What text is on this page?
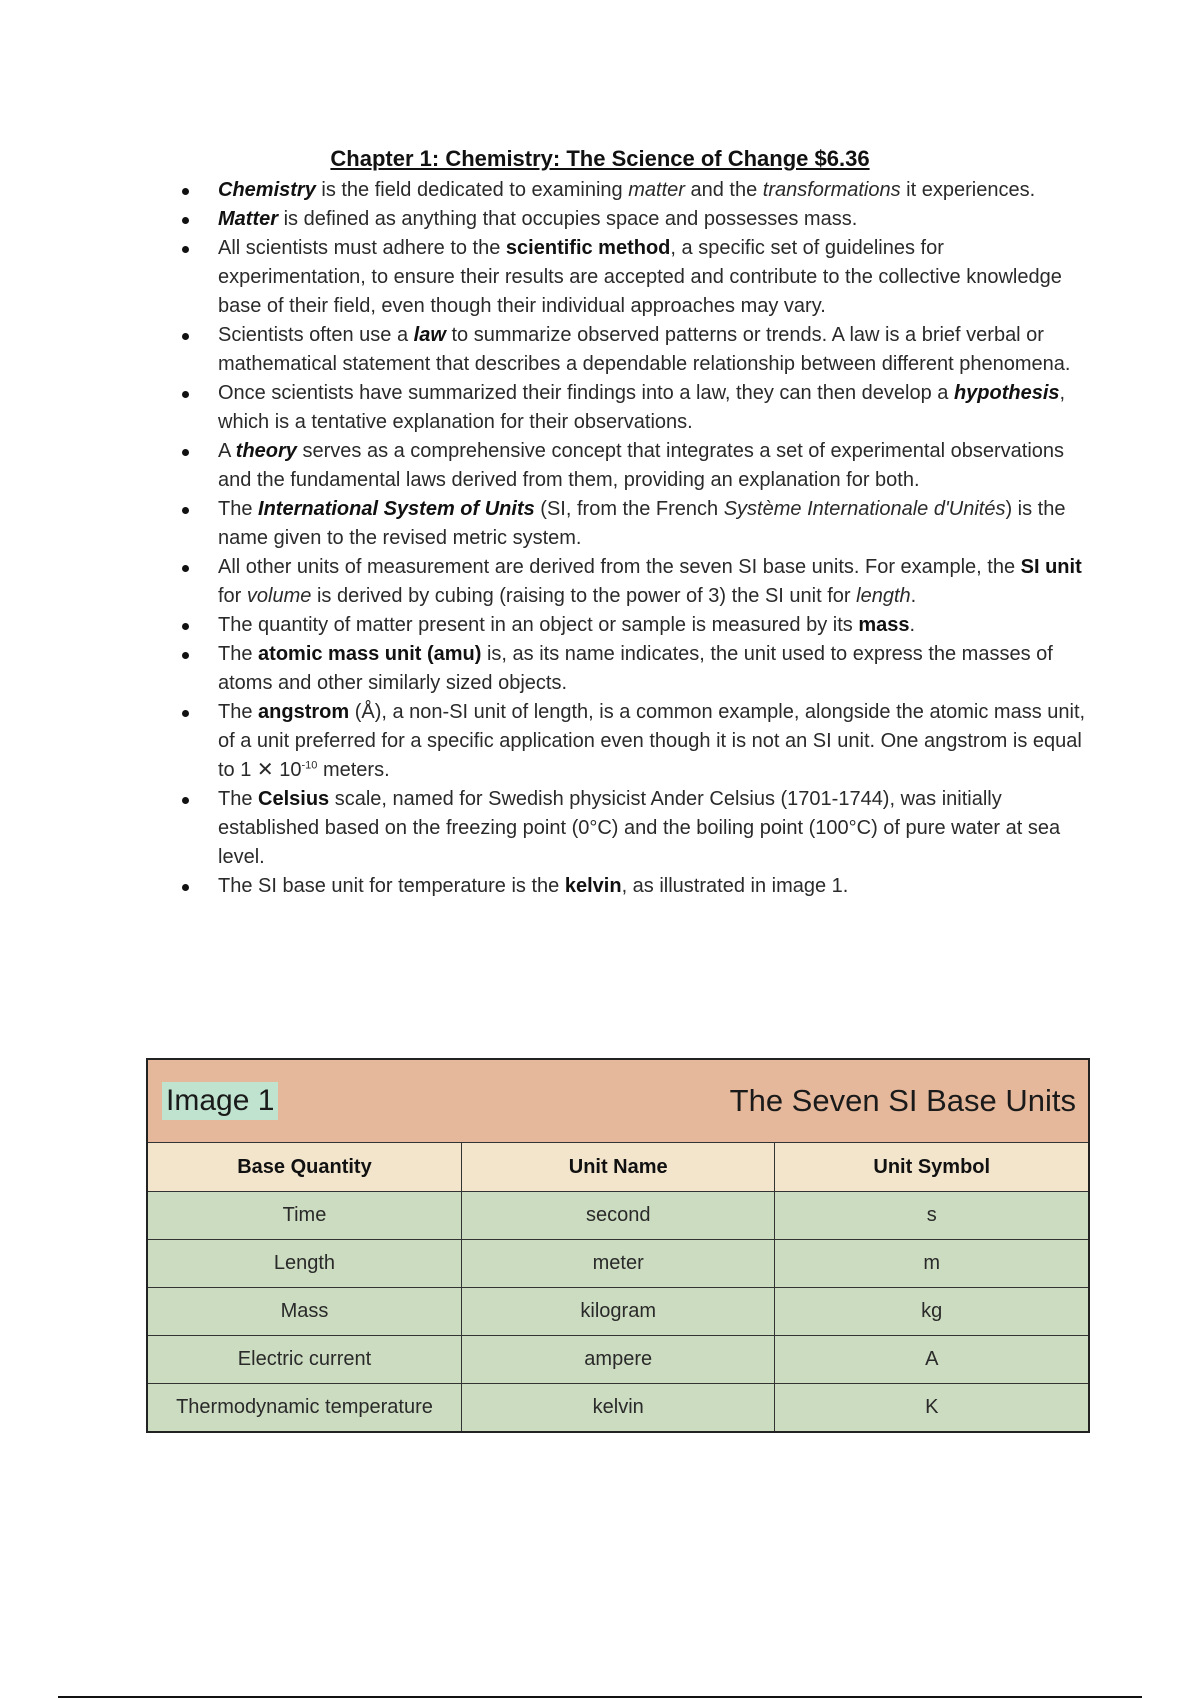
Chapter 1: Chemistry: The Science of Change $6.36
Chemistry is the field dedicated to examining matter and the transformations it experiences.
Matter is defined as anything that occupies space and possesses mass.
All scientists must adhere to the scientific method, a specific set of guidelines for experimentation, to ensure their results are accepted and contribute to the collective knowledge base of their field, even though their individual approaches may vary.
Scientists often use a law to summarize observed patterns or trends. A law is a brief verbal or mathematical statement that describes a dependable relationship between different phenomena.
Once scientists have summarized their findings into a law, they can then develop a hypothesis, which is a tentative explanation for their observations.
A theory serves as a comprehensive concept that integrates a set of experimental observations and the fundamental laws derived from them, providing an explanation for both.
The International System of Units (SI, from the French Système Internationale d'Unités) is the name given to the revised metric system.
All other units of measurement are derived from the seven SI base units. For example, the SI unit for volume is derived by cubing (raising to the power of 3) the SI unit for length.
The quantity of matter present in an object or sample is measured by its mass.
The atomic mass unit (amu) is, as its name indicates, the unit used to express the masses of atoms and other similarly sized objects.
The angstrom (Å), a non-SI unit of length, is a common example, alongside the atomic mass unit, of a unit preferred for a specific application even though it is not an SI unit. One angstrom is equal to 1 ✕ $10^{-10}$ meters.
The Celsius scale, named for Swedish physicist Ander Celsius (1701-1744), was initially established based on the freezing point (0°C) and the boiling point (100°C) of pure water at sea level.
The SI base unit for temperature is the kelvin, as illustrated in image 1.
Image 1 The Seven SI Base Units		

Base Quantity	Unit Name	Unit Symbol
Time	second	s
Length	meter	m
Mass	kilogram	kg
Electric current	ampere	A
Thermodynamic temperature	kelvin	K
